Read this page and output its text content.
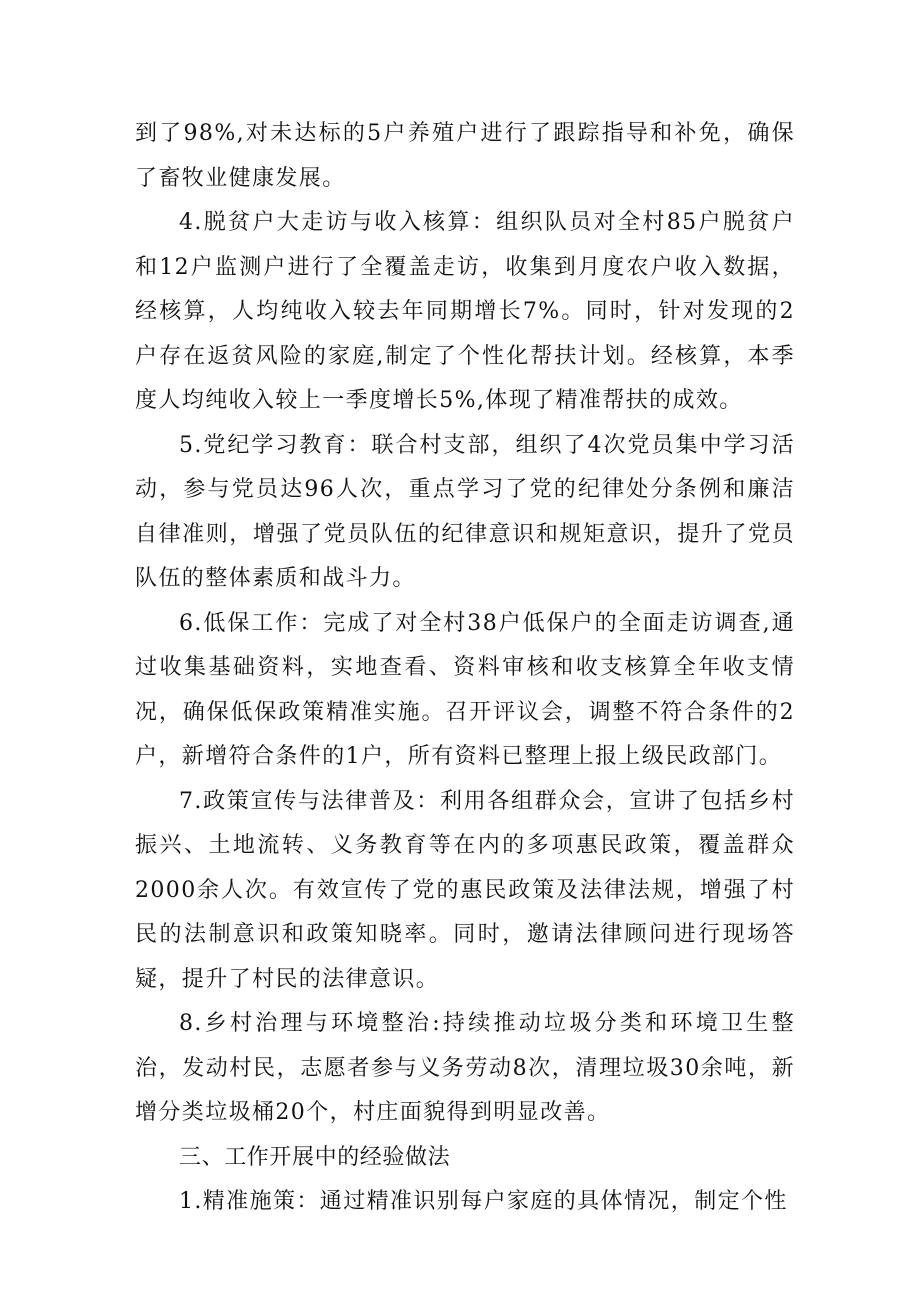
到了98%,对未达标的5户养殖户进行了跟踪指导和补免，确保了畜牧业健康发展。

4.脱贫户大走访与收入核算：组织队员对全村85户脱贫户和12户监测户进行了全覆盖走访，收集到月度农户收入数据，经核算，人均纯收入较去年同期增长7%。同时，针对发现的2户存在返贫风险的家庭,制定了个性化帮扶计划。经核算，本季度人均纯收入较上一季度增长5%,体现了精准帮扶的成效。

5.党纪学习教育：联合村支部，组织了4次党员集中学习活动，参与党员达96人次，重点学习了党的纪律处分条例和廉洁自律准则，增强了党员队伍的纪律意识和规矩意识，提升了党员队伍的整体素质和战斗力。

6.低保工作：完成了对全村38户低保户的全面走访调查,通过收集基础资料，实地查看、资料审核和收支核算全年收支情况，确保低保政策精准实施。召开评议会，调整不符合条件的2户，新增符合条件的1户，所有资料已整理上报上级民政部门。

7.政策宣传与法律普及：利用各组群众会，宣讲了包括乡村振兴、土地流转、义务教育等在内的多项惠民政策，覆盖群众2000余人次。有效宣传了党的惠民政策及法律法规，增强了村民的法制意识和政策知晓率。同时，邀请法律顾问进行现场答疑，提升了村民的法律意识。

8.乡村治理与环境整治:持续推动垃圾分类和环境卫生整治，发动村民，志愿者参与义务劳动8次，清理垃圾30余吨，新增分类垃圾桶20个，村庄面貌得到明显改善。

三、工作开展中的经验做法

1.精准施策：通过精准识别每户家庭的具体情况，制定个性
